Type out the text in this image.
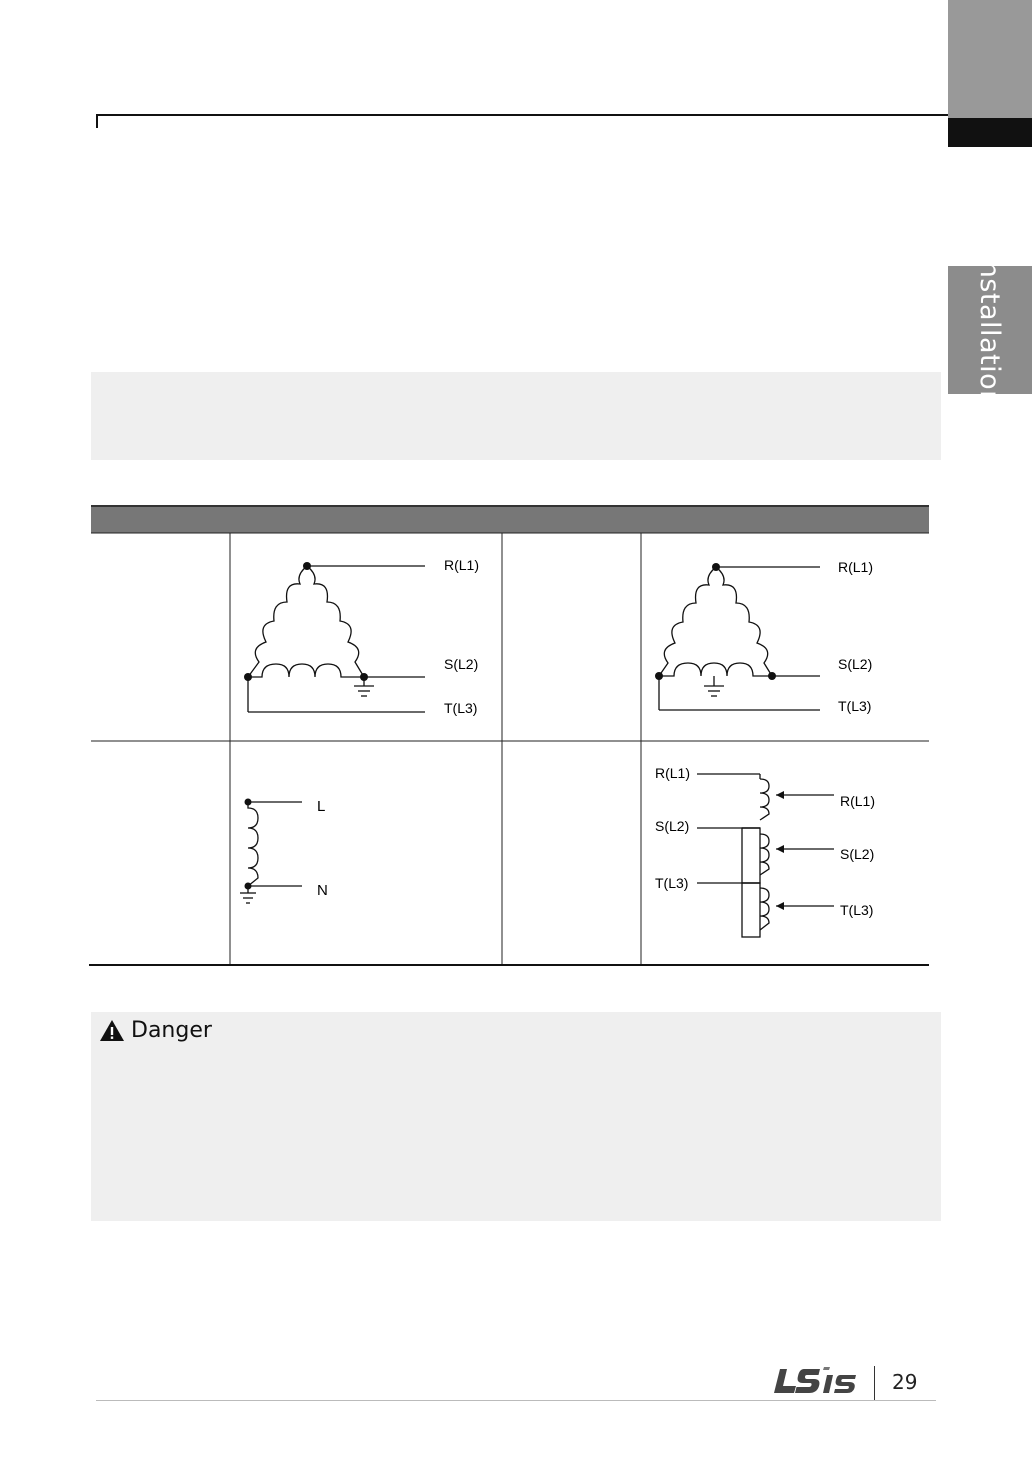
Installation
R(L1)
S(L2)
T(L3)
R(L1)
S(L2)
T(L3)
L
N
R(L1)
S(L2)
T(L3)
R(L1)
S(L2)
T(L3)
Danger
29
